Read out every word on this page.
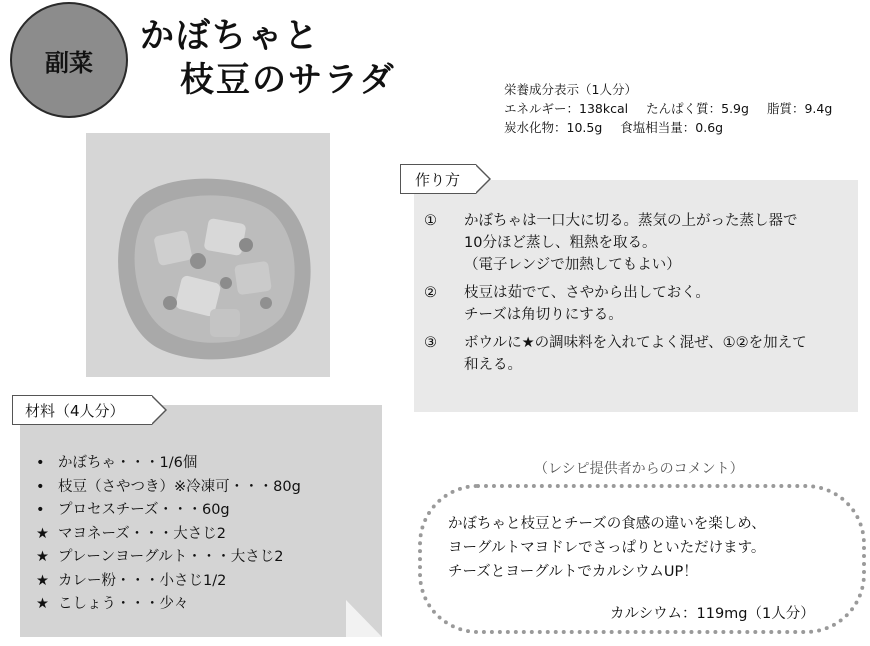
副菜
かぼちゃと
枝豆のサラダ	栄養成分表示（1人分）
エネルギー：138kcal たんぱく質：5.9g 脂質：9.4g
炭水化物：10.5g 食塩相当量：0.6g
材料（4人分）
• かぼちゃ・・・1/6個
• 枝豆（さやつき）※冷凍可・・・80g
• プロセスチーズ・・・60g
★ マヨネーズ・・・大さじ2
★ プレーンヨーグルト・・・大さじ2
★ カレー粉・・・小さじ1/2
★ こしょう・・・少々
作り方
①	かぼちゃは一口大に切る。蒸気の上がった蒸し器で
10分ほど蒸し、粗熱を取る。
（電子レンジで加熱してもよい）
②	枝豆は茹でて、さやから出しておく。
チーズは角切りにする。
③	ボウルに★の調味料を入れてよく混ぜ、①②を加えて
和える。
（レシピ提供者からのコメント）
かぼちゃと枝豆とチーズの食感の違いを楽しめ、
ヨーグルトマヨドレでさっぱりといただけます。
チーズとヨーグルトでカルシウムUP！
カルシウム：119mg（1人分）
